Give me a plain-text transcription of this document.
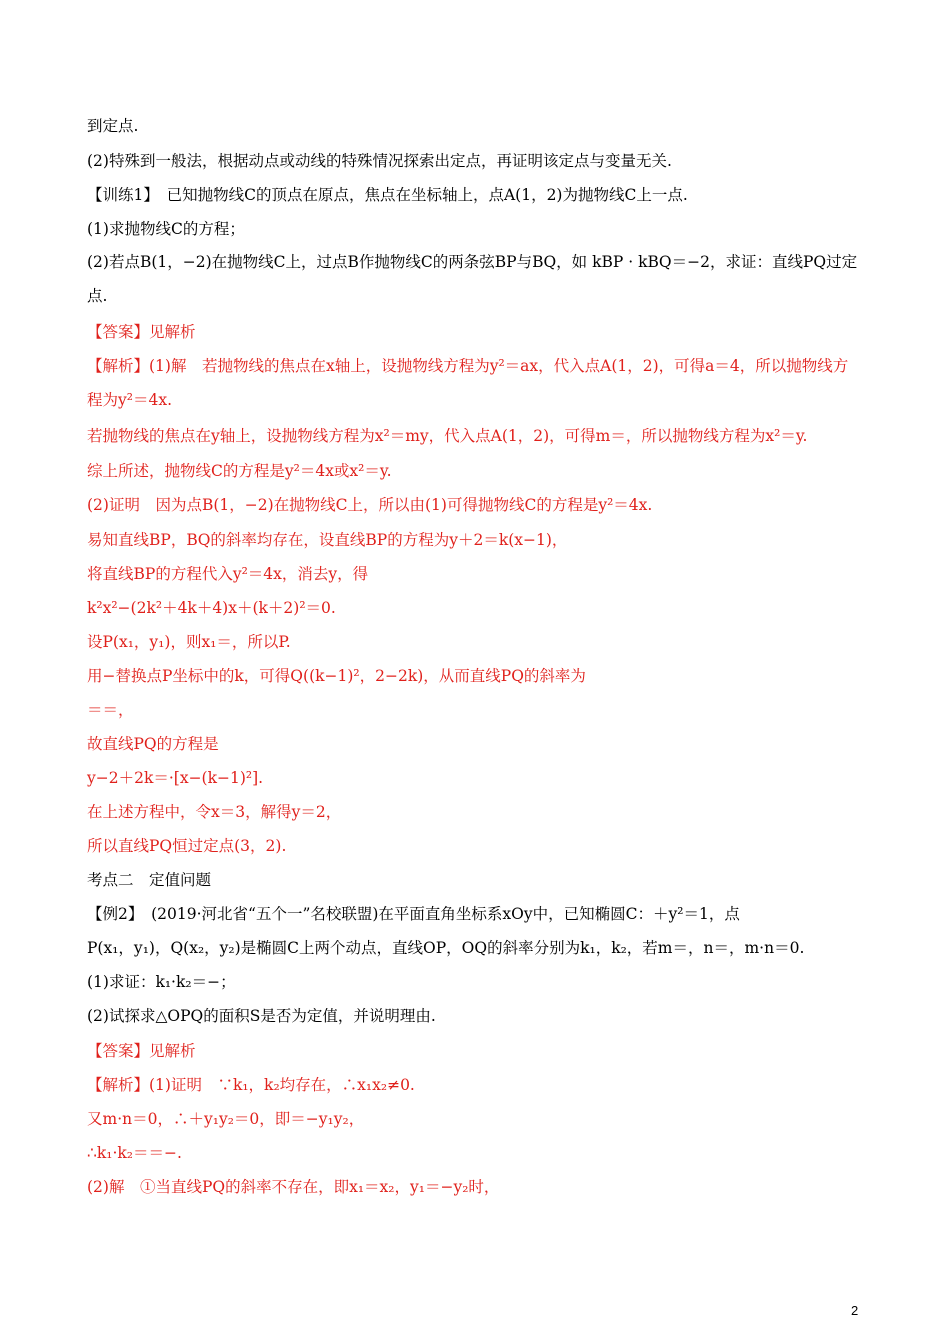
到定点.
(2)特殊到一般法，根据动点或动线的特殊情况探索出定点，再证明该定点与变量无关.
【训练1】　已知抛物线C的顶点在原点，焦点在坐标轴上，点A(1，2)为抛物线C上一点.
(1)求抛物线C的方程；
(2)若点B(1，−2)在抛物线C上，过点B作抛物线C的两条弦BP与BQ，如 kBP · kBQ＝−2，求证：直线PQ过定
点.
【答案】见解析
【解析】(1)解　若抛物线的焦点在x轴上，设抛物线方程为y²＝ax，代入点A(1，2)，可得a＝4，所以抛物线方
程为y²＝4x.
若抛物线的焦点在y轴上，设抛物线方程为x²＝my，代入点A(1，2)，可得m＝，所以抛物线方程为x²＝y.
综上所述，抛物线C的方程是y²＝4x或x²＝y.
(2)证明　因为点B(1，−2)在抛物线C上，所以由(1)可得抛物线C的方程是y²＝4x.
易知直线BP，BQ的斜率均存在，设直线BP的方程为y＋2＝k(x−1)，
将直线BP的方程代入y²＝4x，消去y，得
k²x²−(2k²＋4k＋4)x＋(k＋2)²＝0.
设P(x₁，y₁)，则x₁＝，所以P.
用−替换点P坐标中的k，可得Q((k−1)²，2−2k)，从而直线PQ的斜率为
＝＝，
故直线PQ的方程是
y−2＋2k＝·[x−(k−1)²].
在上述方程中，令x＝3，解得y＝2，
所以直线PQ恒过定点(3，2).
考点二　定值问题
【例2】　(2019·河北省“五个一”名校联盟)在平面直角坐标系xOy中，已知椭圆C：＋y²＝1，点
P(x₁，y₁)，Q(x₂，y₂)是椭圆C上两个动点，直线OP，OQ的斜率分别为k₁，k₂，若m＝，n＝，m·n＝0.
(1)求证：k₁·k₂＝−；
(2)试探求△OPQ的面积S是否为定值，并说明理由.
【答案】见解析
【解析】(1)证明　∵k₁，k₂均存在，∴x₁x₂≠0.
又m·n＝0，∴＋y₁y₂＝0，即＝−y₁y₂，
∴k₁·k₂＝＝−.
(2)解　①当直线PQ的斜率不存在，即x₁＝x₂，y₁＝−y₂时，
2
